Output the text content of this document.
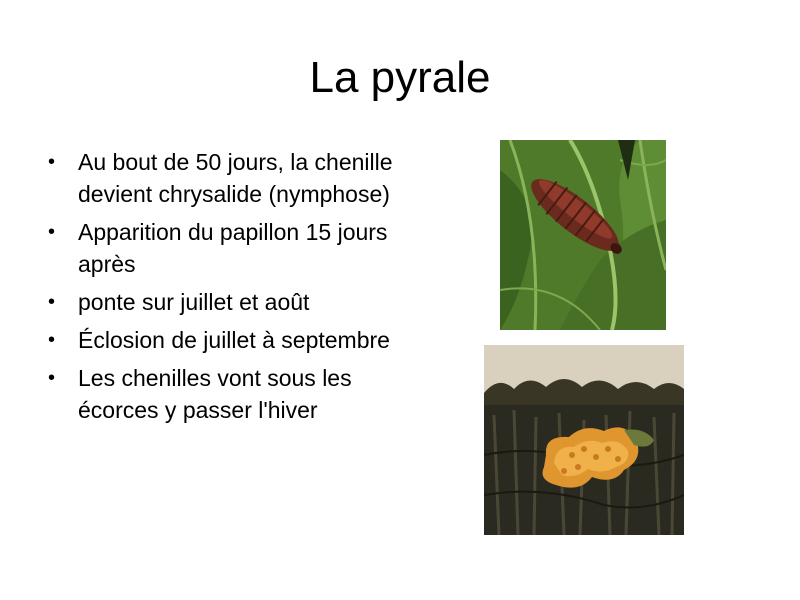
La pyrale
• Au bout de 50 jours, la chenille devient chrysalide (nymphose)
• Apparition du papillon 15 jours après
• ponte sur juillet et août
• Éclosion de juillet à septembre
• Les chenilles vont sous les écorces y passer l'hiver
